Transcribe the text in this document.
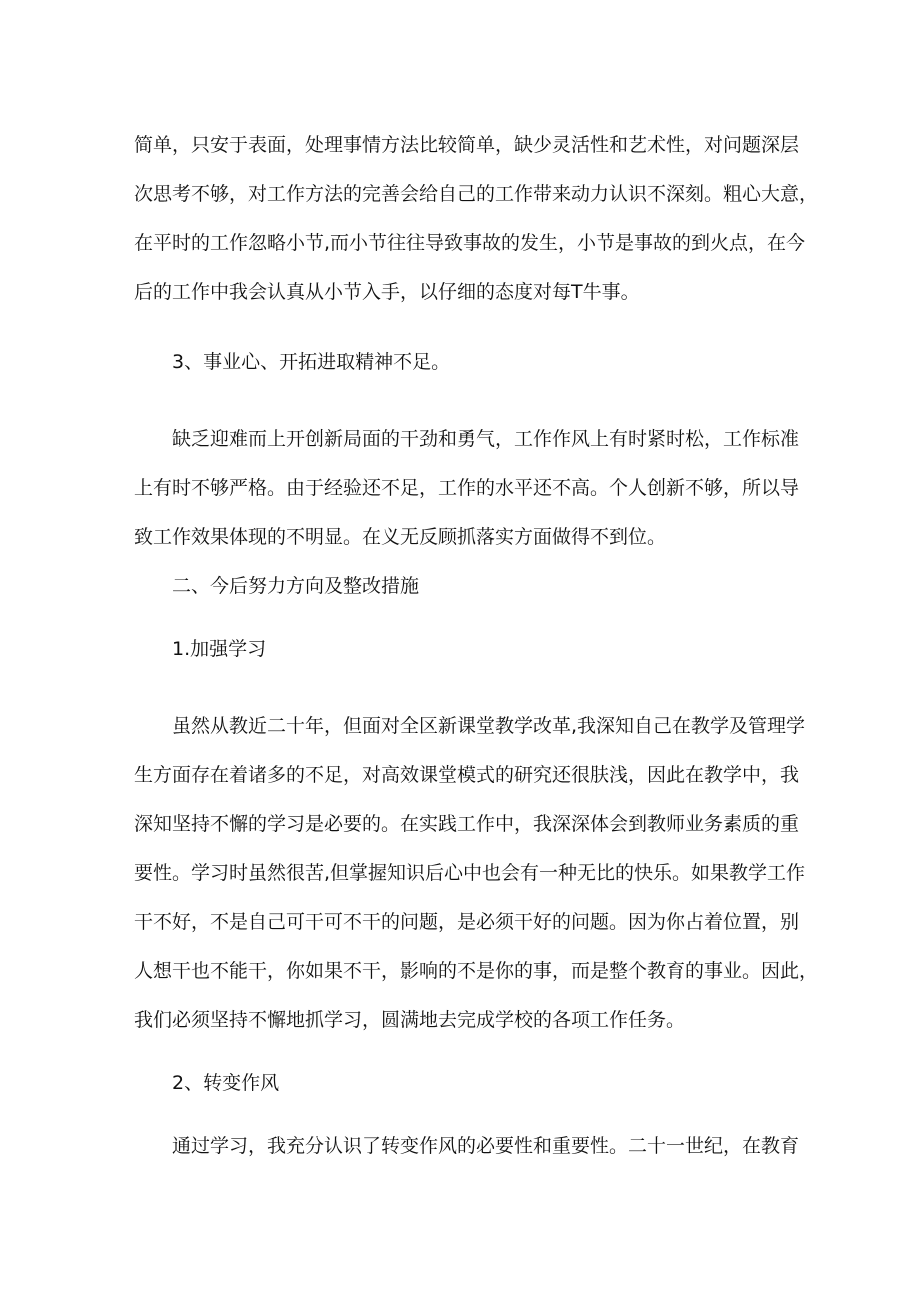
简单，只安于表面，处理事情方法比较简单，缺少灵活性和艺术性，对问题深层

次思考不够，对工作方法的完善会给自己的工作带来动力认识不深刻。粗心大意，

在平时的工作忽略小节,而小节往往导致事故的发生，小节是事故的到火点，在今

后的工作中我会认真从小节入手，以仔细的态度对每T牛事。

3、事业心、开拓进取精神不足。

缺乏迎难而上开创新局面的干劲和勇气，工作作风上有时紧时松，工作标准

上有时不够严格。由于经验还不足，工作的水平还不高。个人创新不够，所以导

致工作效果体现的不明显。在义无反顾抓落实方面做得不到位。

二、今后努力方向及整改措施
1.加强学习

虽然从教近二十年，但面对全区新课堂教学改革,我深知自己在教学及管理学

生方面存在着诸多的不足，对高效课堂模式的研究还很肤浅，因此在教学中，我

深知坚持不懈的学习是必要的。在实践工作中，我深深体会到教师业务素质的重

要性。学习时虽然很苦,但掌握知识后心中也会有一种无比的快乐。如果教学工作

干不好，不是自己可干可不干的问题，是必须干好的问题。因为你占着位置，别

人想干也不能干，你如果不干，影响的不是你的事，而是整个教育的事业。因此，

我们必须坚持不懈地抓学习，圆满地去完成学校的各项工作任务。

2、转变作风

通过学习，我充分认识了转变作风的必要性和重要性。二十一世纪，在教育
